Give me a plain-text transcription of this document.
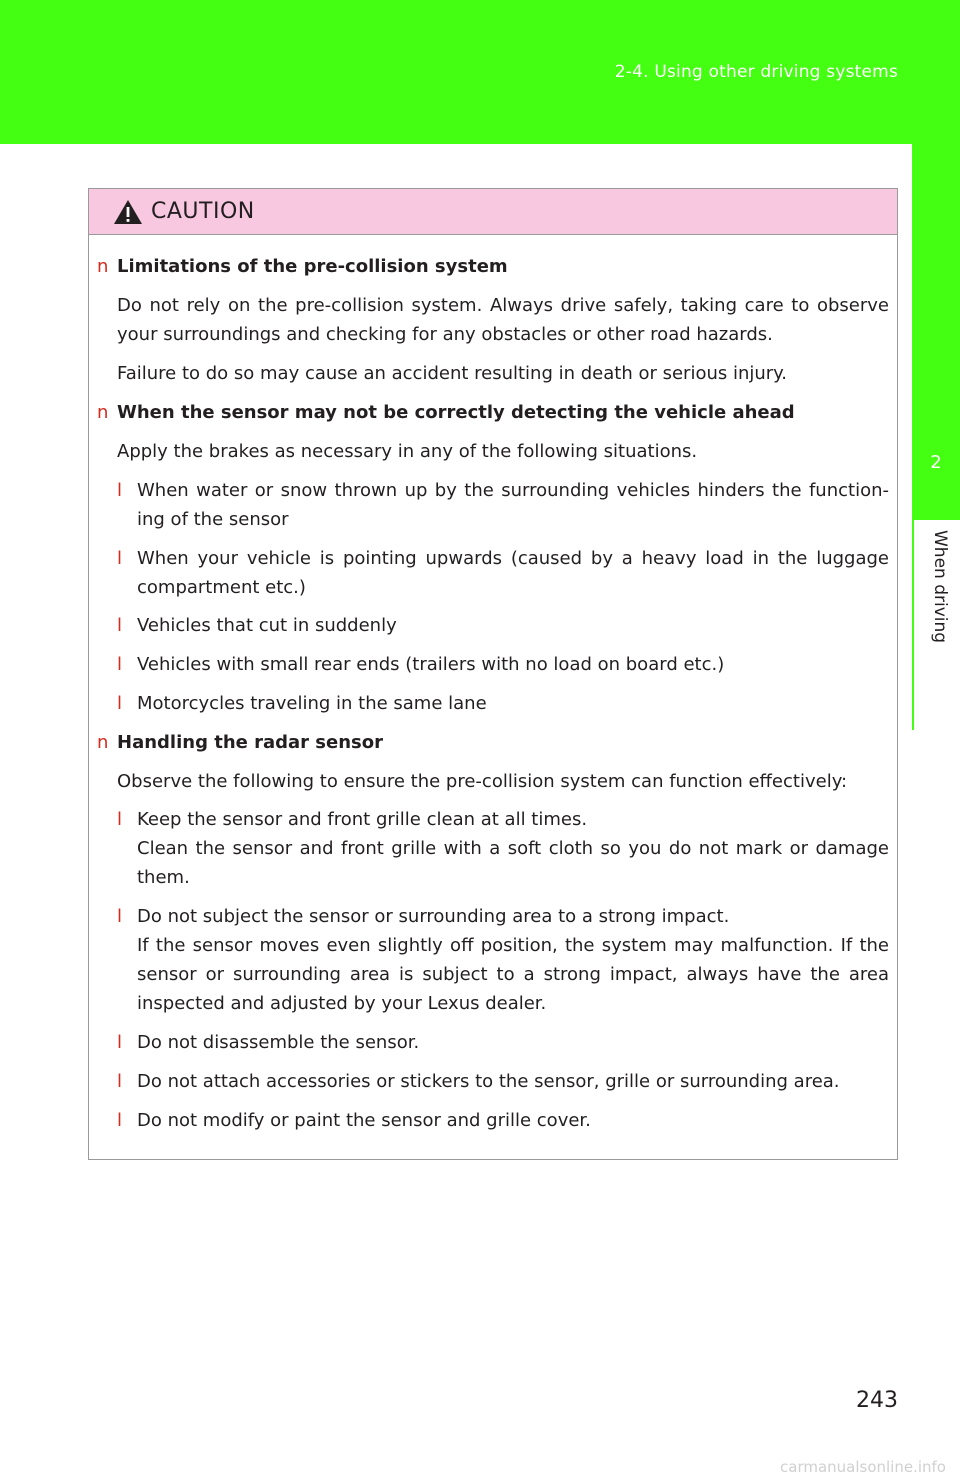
2-4. Using other driving systems
2
When driving
CAUTION
n Limitations of the pre-collision system
Do not rely on the pre-collision system. Always drive safely, taking care to observe
your surroundings and checking for any obstacles or other road hazards.
Failure to do so may cause an accident resulting in death or serious injury.
n When the sensor may not be correctly detecting the vehicle ahead
Apply the brakes as necessary in any of the following situations.
l When water or snow thrown up by the surrounding vehicles hinders the function-
ing of the sensor
l When your vehicle is pointing upwards (caused by a heavy load in the luggage
compartment etc.)
l Vehicles that cut in suddenly
l Vehicles with small rear ends (trailers with no load on board etc.)
l Motorcycles traveling in the same lane
n Handling the radar sensor
Observe the following to ensure the pre-collision system can function effectively:
l Keep the sensor and front grille clean at all times.
Clean the sensor and front grille with a soft cloth so you do not mark or damage
them.
l Do not subject the sensor or surrounding area to a strong impact.
If the sensor moves even slightly off position, the system may malfunction. If the
sensor or surrounding area is subject to a strong impact, always have the area
inspected and adjusted by your Lexus dealer.
l Do not disassemble the sensor.
l Do not attach accessories or stickers to the sensor, grille or surrounding area.
l Do not modify or paint the sensor and grille cover.
243
carmanualsonline.info
